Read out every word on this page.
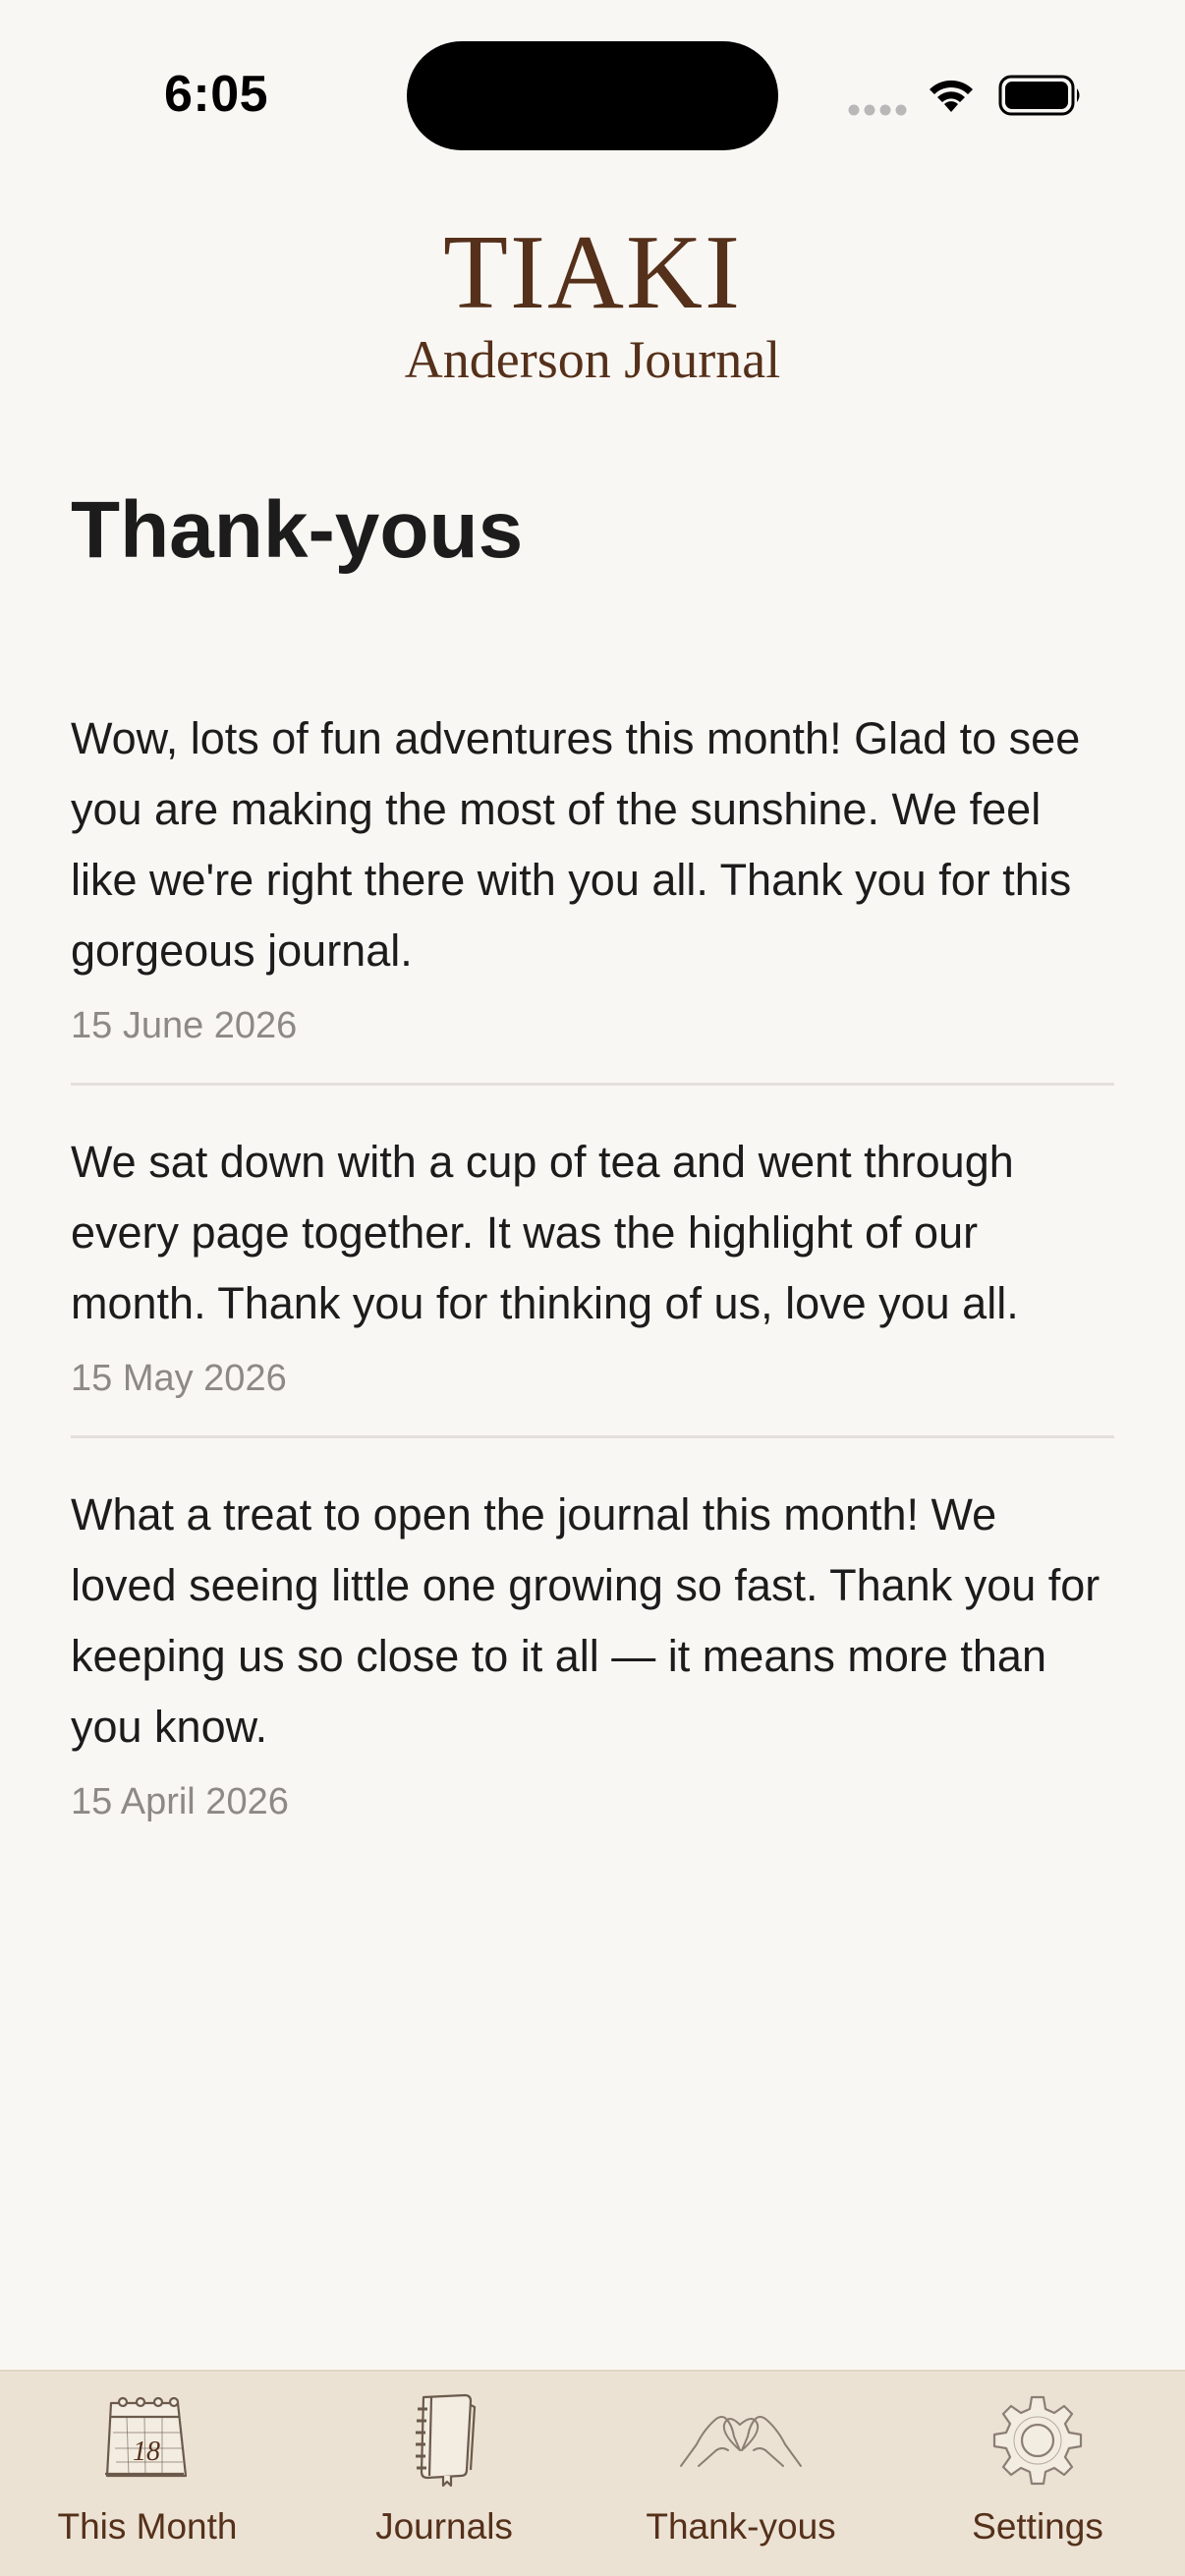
6:05
TIAKI
Anderson Journal
Thank-yous

Wow, lots of fun adventures this month! Glad to see you are making the most of the sunshine. We feel like we're right there with you all. Thank you for this gorgeous journal.

15 June 2026

We sat down with a cup of tea and went through every page together. It was the highlight of our month. Thank you for thinking of us, love you all.

15 May 2026

What a treat to open the journal this month! We loved seeing little one growing so fast. Thank you for keeping us so close to it all — it means more than you know.

15 April 2026

18
This Month	Journals	Thank-yous	Settings
